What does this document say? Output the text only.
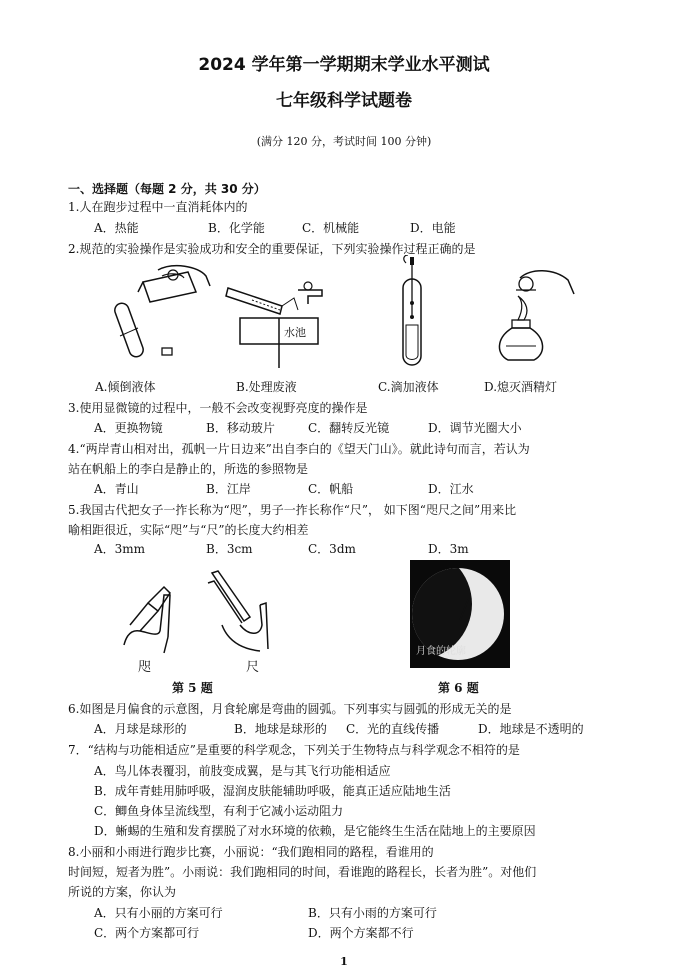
2024 学年第一学期期末学业水平测试
七年级科学试题卷
(满分 120 分，考试时间 100 分钟)
一、选择题（每题 2 分，共 30 分）
1.人在跑步过程中一直消耗体内的
A．热能	B．化学能	C．机械能	D．电能
2.规范的实验操作是实验成功和安全的重要保证，下列实验操作过程正确的是
水池
A.倾倒液体	B.处理废液	C.滴加液体	D.熄灭酒精灯
3.使用显微镜的过程中，一般不会改变视野亮度的操作是
A．更换物镜	B．移动玻片	C．翻转反光镜	D．调节光圈大小
4.“两岸青山相对出，孤帆一片日边来”出自李白的《望天门山》。就此诗句而言，若认为
站在帆船上的李白是静止的，所选的参照物是
A．青山	B．江岸	C．帆船	D．江水
5.我国古代把女子一拃长称为“咫”，男子一拃长称作“尺”， 如下图“咫尺之间”用来比
喻相距很近，实际“咫”与“尺”的长度大约相差
A．3mm	B．3cm	C．3dm	D．3m
咫	尺
月食的轮廓
第 5 题	第 6 题
6.如图是月偏食的示意图，月食轮廓是弯曲的圆弧。下列事实与圆弧的形成无关的是
A．月球是球形的	B．地球是球形的 C．光的直线传播	D．地球是不透明的
7．“结构与功能相适应”是重要的科学观念，下列关于生物特点与科学观念不相符的是
A．鸟儿体表覆羽，前肢变成翼，是与其飞行功能相适应
B．成年青蛙用肺呼吸，湿润皮肤能辅助呼吸，能真正适应陆地生活
C．鲫鱼身体呈流线型，有利于它减小运动阻力
D．蜥蜴的生殖和发育摆脱了对水环境的依赖，是它能终生生活在陆地上的主要原因
8.小丽和小雨进行跑步比赛，小丽说：“我们跑相同的路程，看谁用的
时间短，短者为胜”。小雨说：我们跑相同的时间，看谁跑的路程长，长者为胜”。对他们
所说的方案，你认为
A．只有小丽的方案可行	B．只有小雨的方案可行
C．两个方案都可行	D．两个方案都不行
1
